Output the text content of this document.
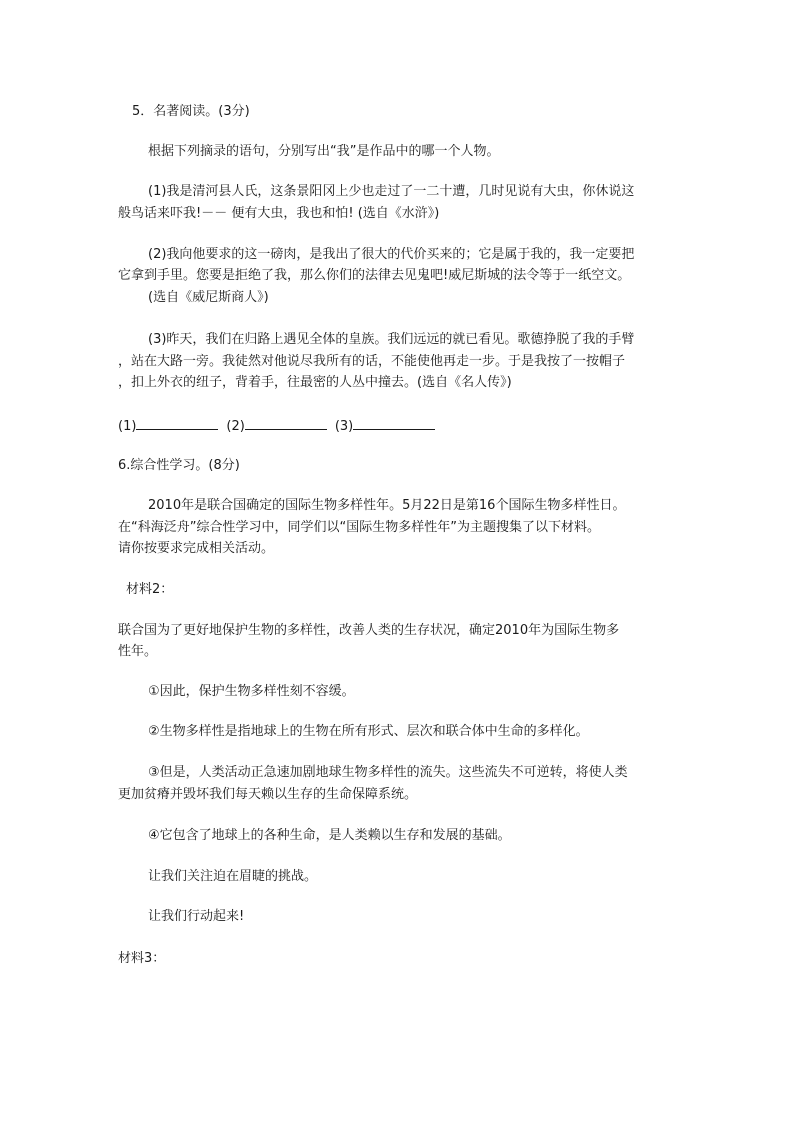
5．名著阅读。(3分)
根据下列摘录的语句，分别写出“我”是作品中的哪一个人物。
(1)我是清河县人氏，这条景阳冈上少也走过了一二十遭，几时见说有大虫，你休说这
般鸟话来吓我!－－ 便有大虫，我也和怕! (选自《水浒》)
(2)我向他要求的这一磅肉，是我出了很大的代价买来的；它是属于我的，我一定要把
它拿到手里。您要是拒绝了我，那么你们的法律去见鬼吧!威尼斯城的法令等于一纸空文。
(选自《威尼斯商人》)
(3)昨天，我们在归路上遇见全体的皇族。我们远远的就已看见。歌德挣脱了我的手臂
，站在大路一旁。我徒然对他说尽我所有的话，不能使他再走一步。于是我按了一按帽子
，扣上外衣的纽子，背着手，往最密的人丛中撞去。(选自《名人传》)
(1)	(2)	(3)
6.综合性学习。(8分)
2010年是联合国确定的国际生物多样性年。5月22日是第16个国际生物多样性日。
在“科海泛舟”综合性学习中，同学们以“国际生物多样性年”为主题搜集了以下材料。
请你按要求完成相关活动。
材料2：
联合国为了更好地保护生物的多样性，改善人类的生存状况，确定2010年为国际生物多
性年。
①因此，保护生物多样性刻不容缓。
②生物多样性是指地球上的生物在所有形式、层次和联合体中生命的多样化。
③但是，人类活动正急速加剧地球生物多样性的流失。这些流失不可逆转，将使人类
更加贫瘠并毁坏我们每天赖以生存的生命保障系统。
④它包含了地球上的各种生命，是人类赖以生存和发展的基础。
让我们关注迫在眉睫的挑战。
让我们行动起来!
材料3：
